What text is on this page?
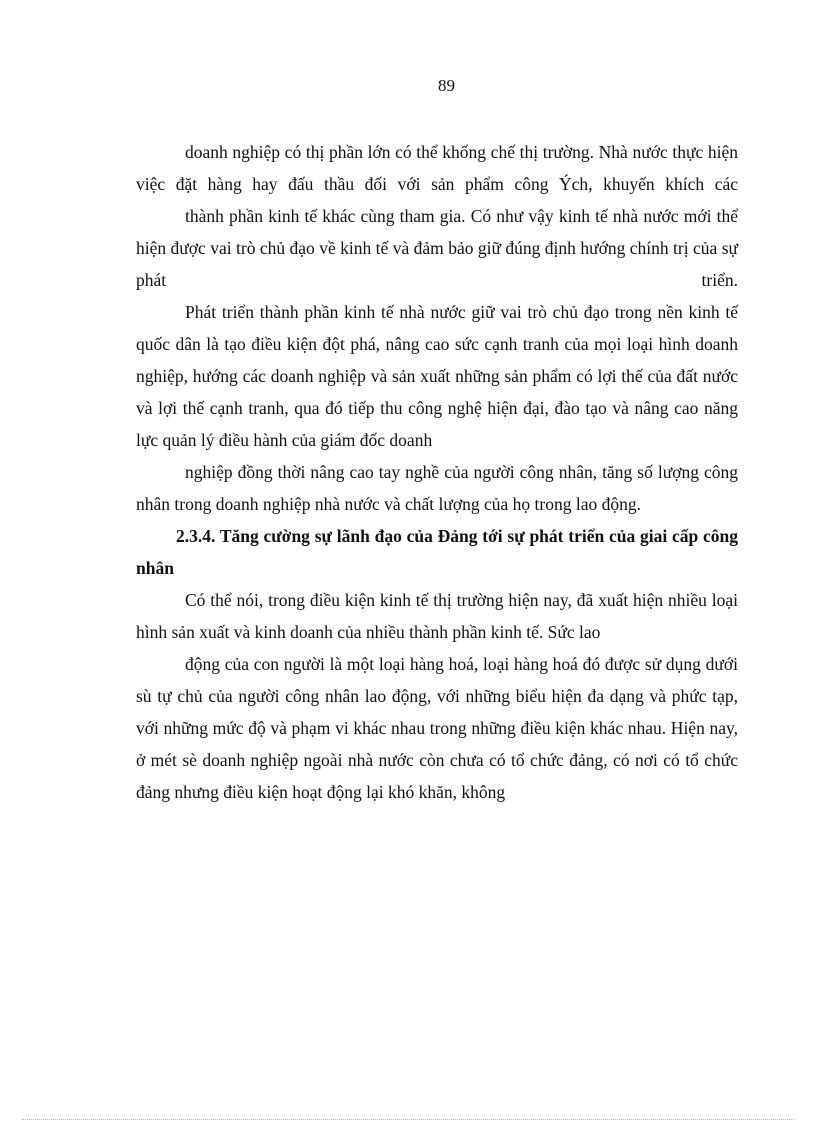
89

doanh nghiệp có thị phần lớn có thể khống chế thị trường. Nhà nước thực hiện việc đặt hàng hay đấu thầu đối với sản phẩm công Ých, khuyến khích các

thành phần kinh tế khác cùng tham gia. Có như vậy kinh tế nhà nước mới thể hiện được vai trò chủ đạo về kinh tế và đảm bảo giữ đúng định hướng chính trị của sự phát triển.

Phát triển thành phần kinh tế nhà nước giữ vai trò chủ đạo trong nền kinh tế quốc dân là tạo điều kiện đột phá, nâng cao sức cạnh tranh của mọi loại hình doanh nghiệp, hướng các doanh nghiệp và sản xuất những sản phẩm có lợi thế của đất nước và lợi thế cạnh tranh, qua đó tiếp thu công nghệ hiện đại, đào tạo và nâng cao năng lực quản lý điều hành của giám đốc doanh

nghiệp đồng thời nâng cao tay nghề của người công nhân, tăng số lượng công nhân trong doanh nghiệp nhà nước và chất lượng của họ trong lao động.

2.3.4. Tăng cường sự lãnh đạo của Đảng tới sự phát triển của giai cấp công nhân

Có thể nói, trong điều kiện kinh tế thị trường hiện nay, đã xuất hiện nhiều loại hình sản xuất và kinh doanh của nhiều thành phần kinh tế. Sức lao

động của con người là một loại hàng hoá, loại hàng hoá đó được sử dụng dưới sù tự chủ của người công nhân lao động, với những biểu hiện đa dạng và phức tạp, với những mức độ và phạm vi khác nhau trong những điều kiện khác nhau. Hiện nay, ở mét sè doanh nghiệp ngoài nhà nước còn chưa có tổ chức đảng, có nơi có tổ chức đảng nhưng điều kiện hoạt động lại khó khăn, không
